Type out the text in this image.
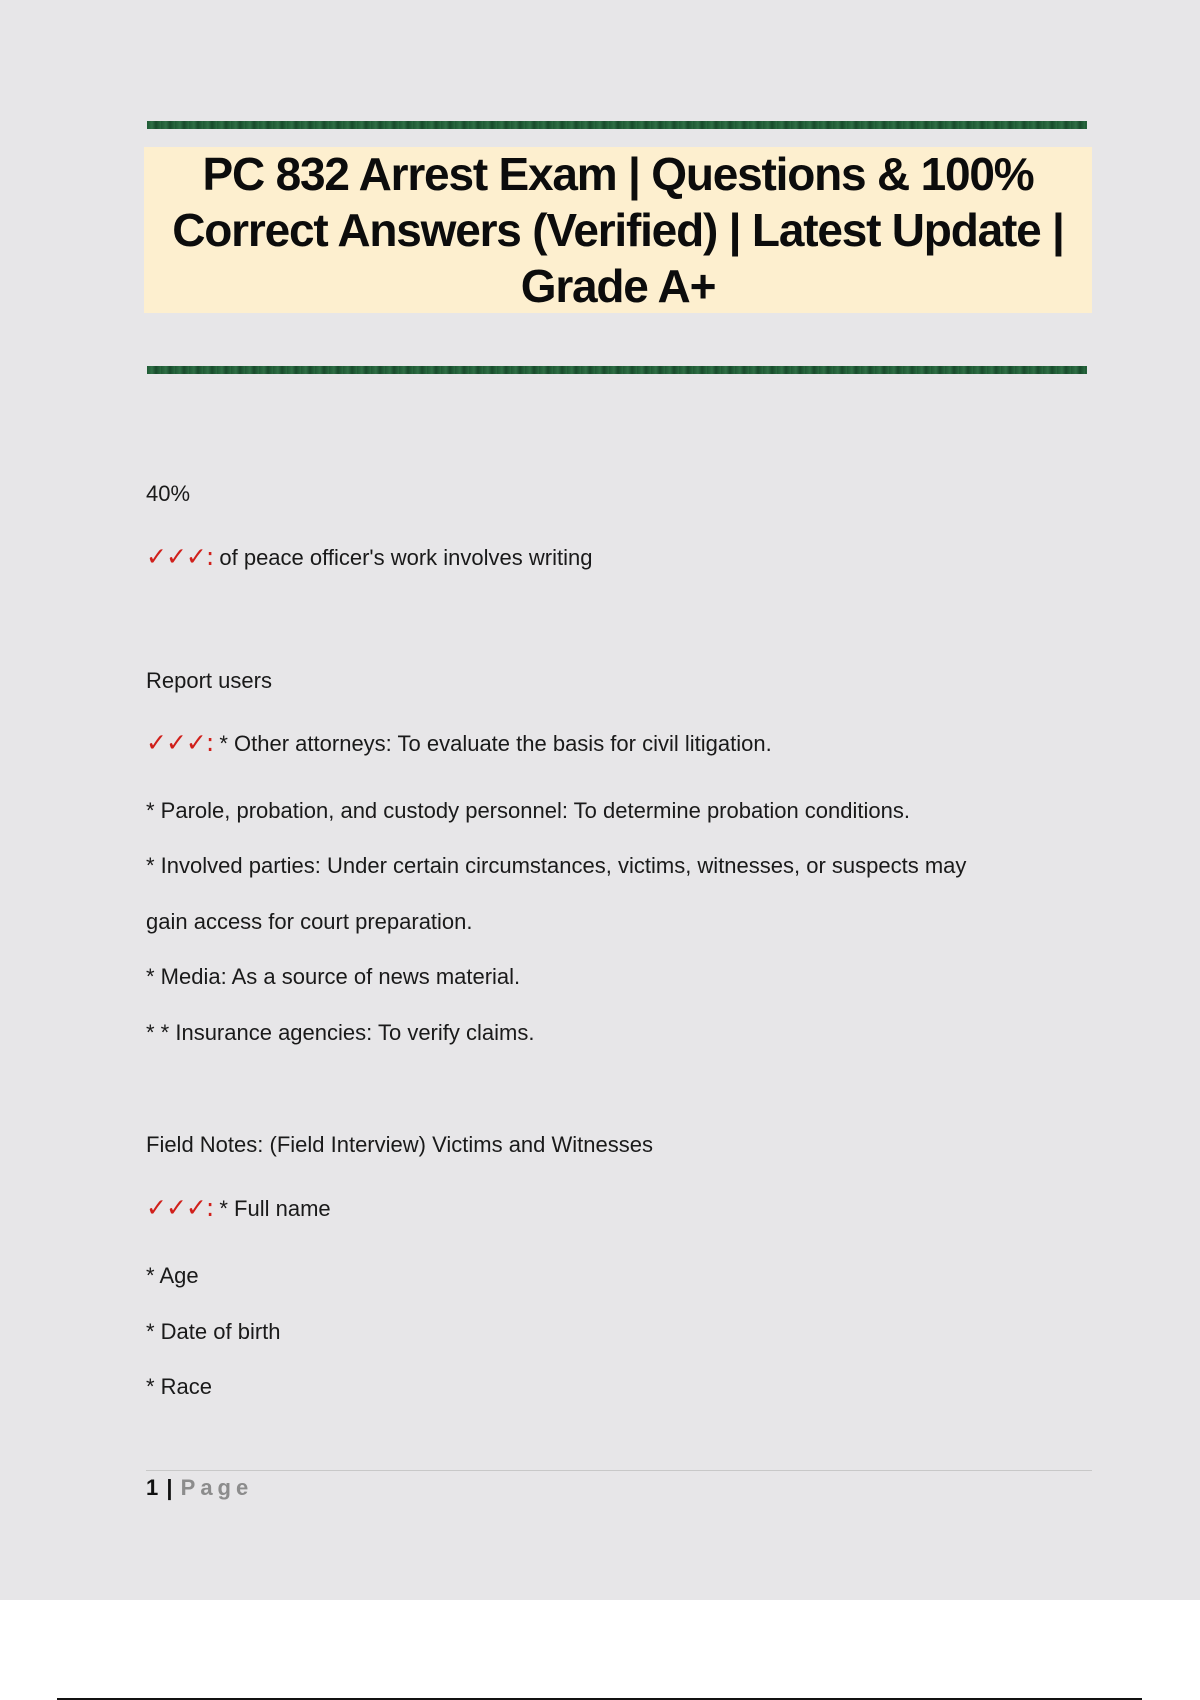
PC 832 Arrest Exam | Questions & 100% Correct Answers (Verified) | Latest Update | Grade A+
40%
✓✓✓: of peace officer's work involves writing
Report users
✓✓✓: * Other attorneys: To evaluate the basis for civil litigation.
* Parole, probation, and custody personnel: To determine probation conditions.
* Involved parties: Under certain circumstances, victims, witnesses, or suspects may
gain access for court preparation.
* Media: As a source of news material.
* * Insurance agencies: To verify claims.
Field Notes: (Field Interview) Victims and Witnesses
✓✓✓: * Full name
* Age
* Date of birth
* Race
1 | Page
